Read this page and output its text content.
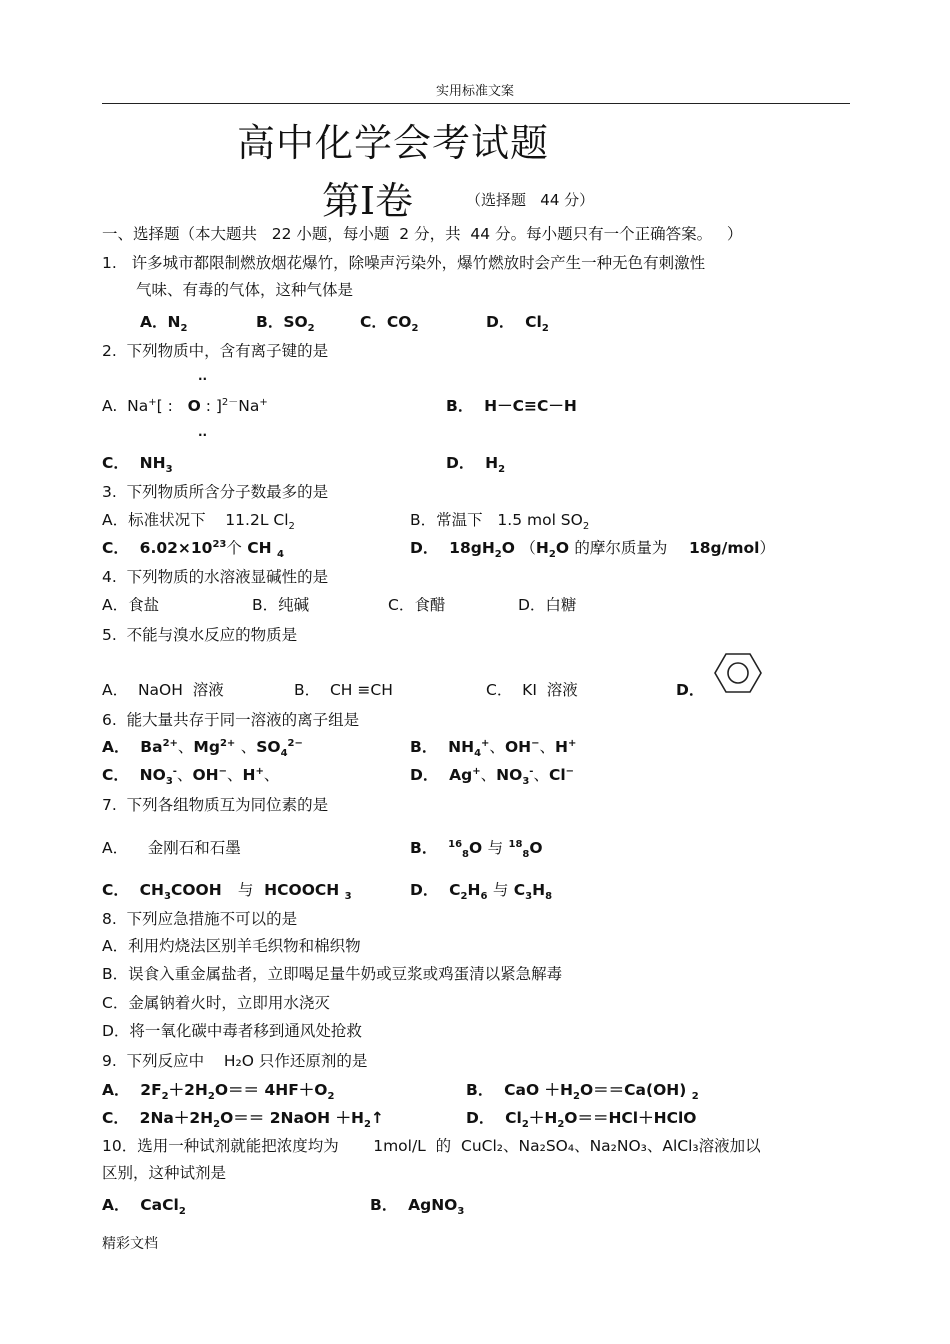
实用标准文案
高中化学会考试题
第Ⅰ卷	（选择题   44 分）
一、选择题（本大题共   22 小题，每小题  2 分，共  44 分。每小题只有一个正确答案。   ）
1.   许多城市都限制燃放烟花爆竹，除噪声污染外，爆竹燃放时会产生一种无色有刺激性
气味、有毒的气体，这种气体是
A．$N_2$	B．$SO_2$	C．$CO_2$	D．  $Cl_2$
2.  下列物质中，含有离子键的是
··
A.  Na+[ :   O : ]$^{2-}$Na+
··
B．  H－C≡C－H
C．  $NH_3$	D．  $H_2$
3.  下列物质所含分子数最多的是
A．标准状况下    11.2L $Cl_2$	B．常温下   1.5 mol $SO_2$
C．  $6.02\times 10^{23}$个 CH $_4$	D．  $18gH_2O$ （$H_2O$ 的摩尔质量为    18g/mol）
4.  下列物质的水溶液显碱性的是
A．食盐	B．纯碱	C．食醋	D．白糖
5.  不能与溴水反应的物质是
A．  NaOH  溶液	B．  CH ≡CH	C．  KI  溶液	D．
6.  能大量共存于同一溶液的离子组是
A．  $Ba^{2+}$、$Mg^{2+}$ 、$SO_4^{2-}$	B．  $NH_4^+$、OH−、H+
C．  $NO_3^-$、OH−、H+、	D．  Ag+、$NO_3^-$、Cl−
7.  下列各组物质互为同位素的是
A．    金刚石和石墨	B．  $^{16}_8$O 与 $^{18}_8$O
C．  $CH_3COOH$   与  HCOOCH $_3$	D．  $C_2H_6$ 与 $C_3H_8$
8.  下列应急措施不可以的是
A．利用灼烧法区别羊毛织物和棉织物
B．误食入重金属盐者，立即喝足量牛奶或豆浆或鸡蛋清以紧急解毒
C．金属钠着火时，立即用水浇灭
D．将一氧化碳中毒者移到通风处抢救
9.  下列反应中    H₂O 只作还原剂的是
A．  $2F_2+2H_2O== 4HF+O_2$	B．  CaO $+H_2O==Ca(OH)$ $_2$
C．  $2Na+2H_2O==$ 2NaOH $+H_2↑$	D．  $Cl_2+H_2O==HCl+HClO$
10．选用一种试剂就能把浓度均为       1mol/L  的  CuCl₂、Na₂SO₄、Na₂NO₃、AlCl₃溶液加以
区别，这种试剂是
A．  CaCl$_2$	B．  AgNO$_3$
精彩文档
